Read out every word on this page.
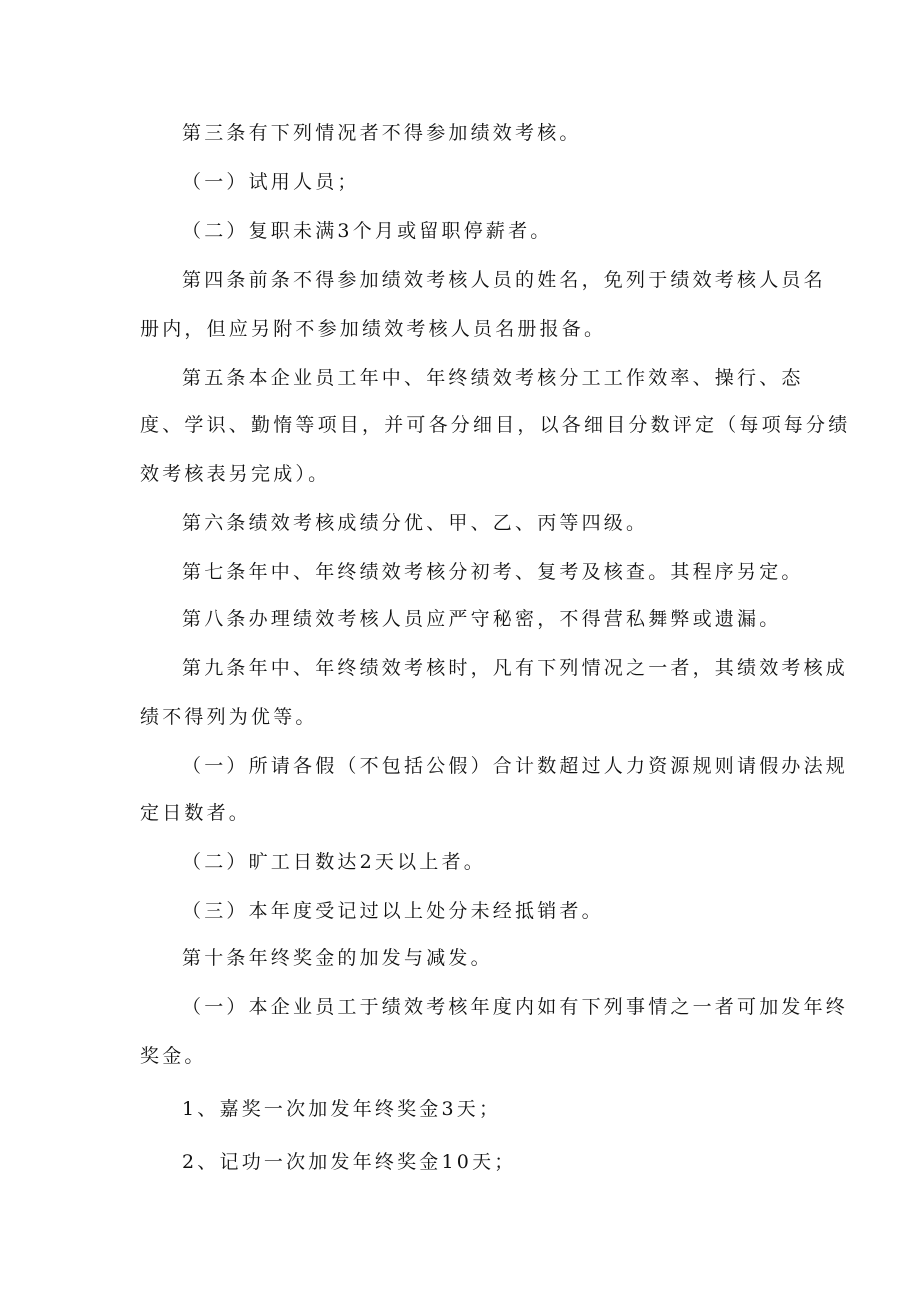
第三条有下列情况者不得参加绩效考核。
（一）试用人员；
（二）复职未满3个月或留职停薪者。
第四条前条不得参加绩效考核人员的姓名，免列于绩效考核人员名
册内，但应另附不参加绩效考核人员名册报备。
第五条本企业员工年中、年终绩效考核分工工作效率、操行、态
度、学识、勤惰等项目，并可各分细目，以各细目分数评定（每项每分绩
效考核表另完成）。
第六条绩效考核成绩分优、甲、乙、丙等四级。
第七条年中、年终绩效考核分初考、复考及核查。其程序另定。
第八条办理绩效考核人员应严守秘密，不得营私舞弊或遗漏。
第九条年中、年终绩效考核时，凡有下列情况之一者，其绩效考核成
绩不得列为优等。
（一）所请各假（不包括公假）合计数超过人力资源规则请假办法规
定日数者。
（二）旷工日数达2天以上者。
（三）本年度受记过以上处分未经抵销者。
第十条年终奖金的加发与减发。
（一）本企业员工于绩效考核年度内如有下列事情之一者可加发年终
奖金。
1、嘉奖一次加发年终奖金3天；
2、记功一次加发年终奖金10天；
